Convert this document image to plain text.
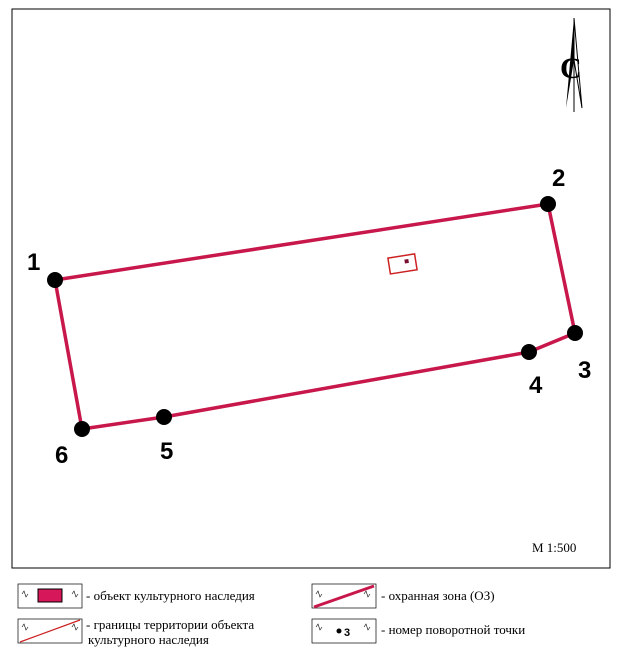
С
1
2
3
4
5
6
M 1:500
- объект культурного наследия	- охранная зона (ОЗ)
- границы территории объекта
культурного наследия	3 - номер поворотной точки
